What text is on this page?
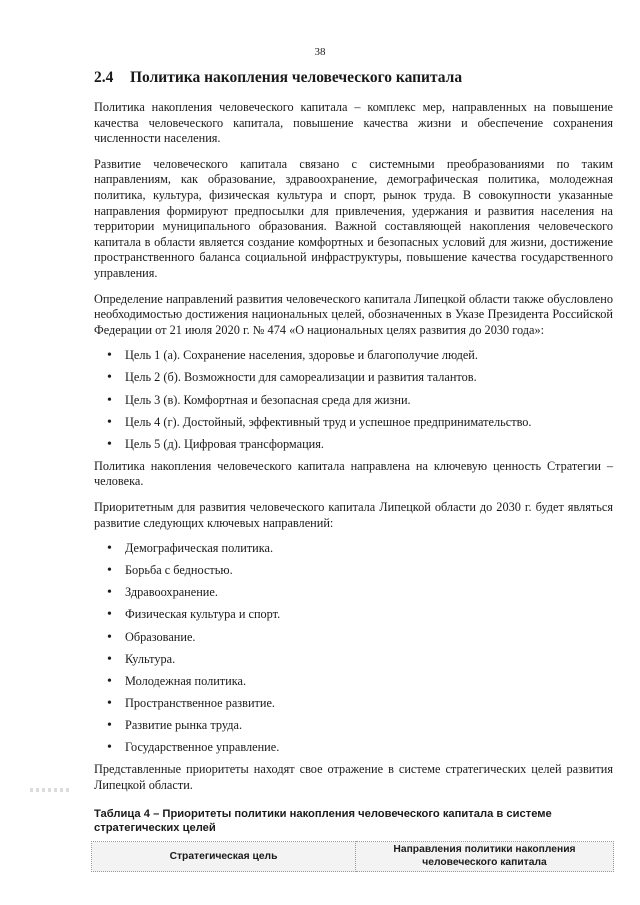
38
2.4 Политика накопления человеческого капитала

Политика накопления человеческого капитала – комплекс мер, направленных на повышение качества человеческого капитала, повышение качества жизни и обеспечение сохранения численности населения.

Развитие человеческого капитала связано с системными преобразованиями по таким направлениям, как образование, здравоохранение, демографическая политика, молодежная политика, культура, физическая культура и спорт, рынок труда. В совокупности указанные направления формируют предпосылки для привлечения, удержания и развития населения на территории муниципального образования. Важной составляющей накопления человеческого капитала в области является создание комфортных и безопасных условий для жизни, достижение пространственного баланса социальной инфраструктуры, повышение качества государственного управления.

Определение направлений развития человеческого капитала Липецкой области также обусловлено необходимостью достижения национальных целей, обозначенных в Указе Президента Российской Федерации от 21 июля 2020 г. № 474 «О национальных целях развития до 2030 года»:

• Цель 1 (а). Сохранение населения, здоровье и благополучие людей.
• Цель 2 (б). Возможности для самореализации и развития талантов.
• Цель 3 (в). Комфортная и безопасная среда для жизни.
• Цель 4 (г). Достойный, эффективный труд и успешное предпринимательство.
• Цель 5 (д). Цифровая трансформация.

Политика накопления человеческого капитала направлена на ключевую ценность Стратегии – человека.

Приоритетным для развития человеческого капитала Липецкой области до 2030 г. будет являться развитие следующих ключевых направлений:

• Демографическая политика.
• Борьба с бедностью.
• Здравоохранение.
• Физическая культура и спорт.
• Образование.
• Культура.
• Молодежная политика.
• Пространственное развитие.
• Развитие рынка труда.
• Государственное управление.

Представленные приоритеты находят свое отражение в системе стратегических целей развития Липецкой области.

Таблица 4 – Приоритеты политики накопления человеческого капитала в системе стратегических целей
Стратегическая цель	Направления политики накопления человеческого капитала
